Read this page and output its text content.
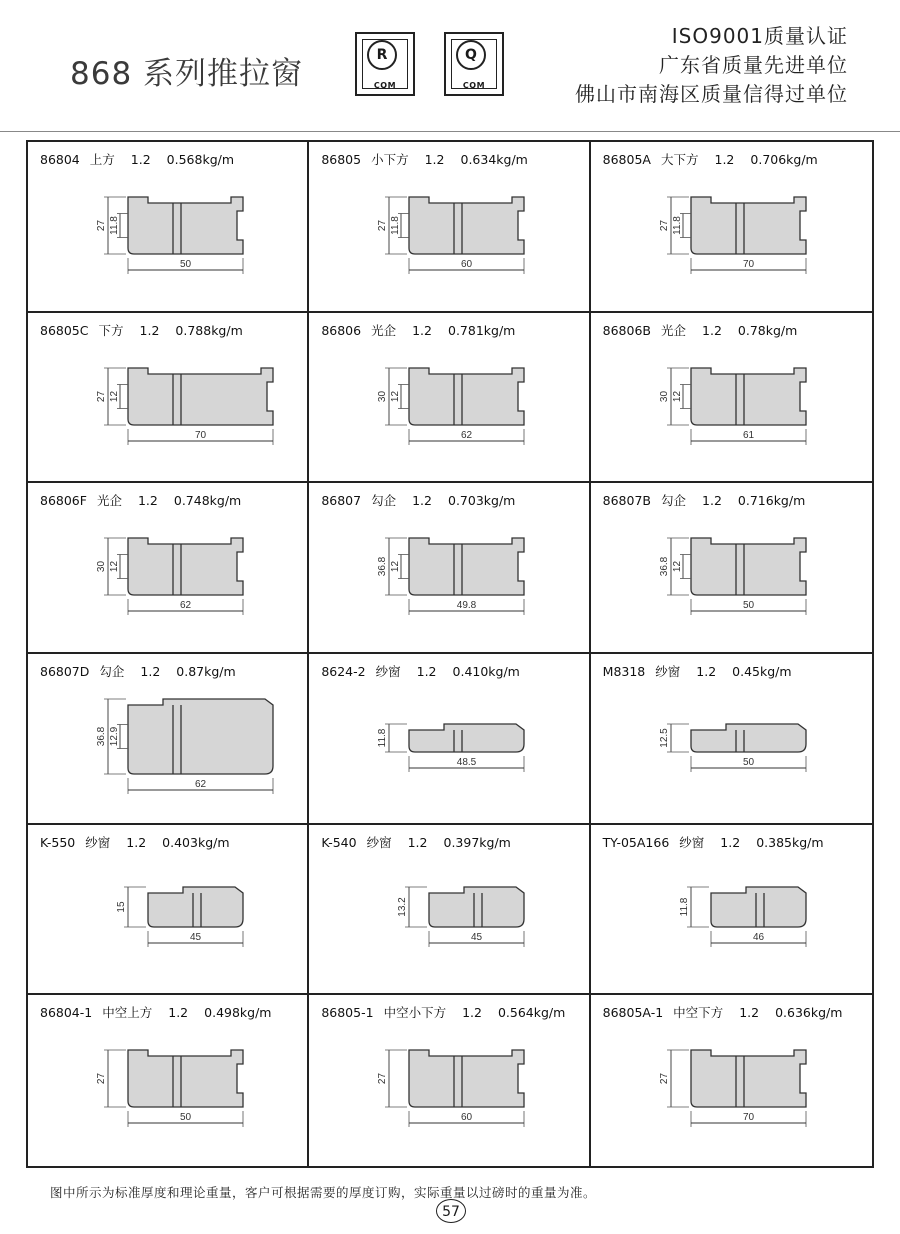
868 系列推拉窗
R
CQM
Q
CQM
ISO9001质量认证
广东省质量先进单位
佛山市南海区质量信得过单位
86804 上方 1.2 0.568kg/m
50
27 11.8
86805 小下方 1.2 0.634kg/m
60
27 11.8
86805A 大下方 1.2 0.706kg/m
70
27 11.8
86805C 下方 1.2 0.788kg/m
70
27 12
86806 光企 1.2 0.781kg/m
62
30 12
86806B 光企 1.2 0.78kg/m
61
30 12
86806F 光企 1.2 0.748kg/m
62
30 12
86807 勾企 1.2 0.703kg/m
49.8
36.8 12
86807B 勾企 1.2 0.716kg/m
50
36.8 12
86807D 勾企 1.2 0.87kg/m
62
36.8 12.9
8624-2 纱窗 1.2 0.410kg/m
48.5
11.8
M8318 纱窗 1.2 0.45kg/m
50
12.5
K-550 纱窗 1.2 0.403kg/m
45
15
K-540 纱窗 1.2 0.397kg/m
45
13.2
TY-05A166 纱窗 1.2 0.385kg/m
46
11.8
86804-1 中空上方 1.2 0.498kg/m
50
27
86805-1 中空小下方 1.2 0.564kg/m
60
27
86805A-1 中空下方 1.2 0.636kg/m
70
27
图中所示为标准厚度和理论重量，客户可根据需要的厚度订购，实际重量以过磅时的重量为准。
57
